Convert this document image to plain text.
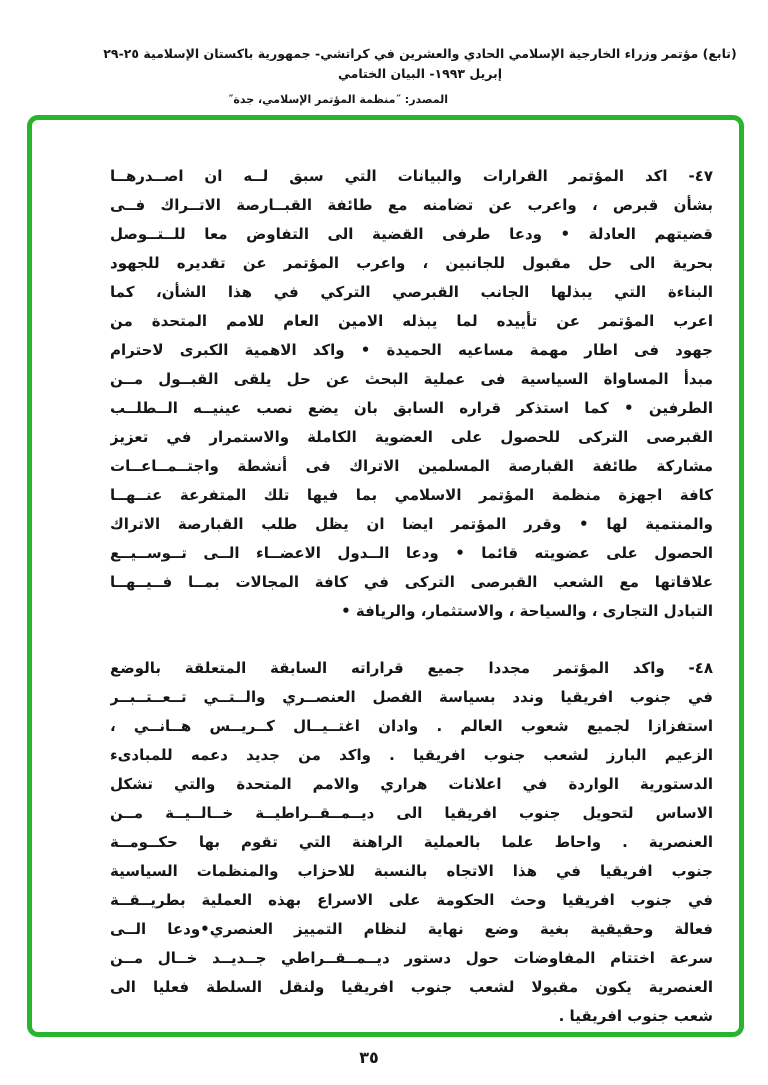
(تابع) مؤتمر وزراء الخارجية الإسلامي الحادي والعشرين في كراتشي- جمهورية باكستان الإسلامية ٢٥-٢٩ إبريل ١٩٩٣- البيان الختامي
المصدر: ˝منظمة المؤتمر الإسلامي، جدة˝
٤٧- اكد المؤتمر القرارات والبيانات التي سبق لــه ان اصــدرهــا
بشأن قبرص ، واعرب عن تضامنه مع طائفة القبــارصة الاتــراك فــى
قضيتهم العادلة • ودعا طرفى القضية الى التفاوض معا للــتــوصل
بحرية الى حل مقبول للجانبين ، واعرب المؤتمر عن تقديره للجهود
البناءة التي يبذلها الجانب القبرصي التركي في هذا الشأن، كما
اعرب المؤتمر عن تأييده لما يبذله الامين العام للامم المتحدة من
جهود فى اطار مهمة مساعيه الحميدة • واكد الاهمية الكبرى لاحترام
مبدأ المساواة السياسية فى عملية البحث عن حل يلقى القبــول مــن
الطرفين • كما استذكر قراره السابق بان يضع نصب عينيــه الــطلــب
القبرصى التركى للحصول على العضوية الكاملة والاستمرار في تعزيز
مشاركة طائفة القبارصة المسلمين الاتراك فى أنشطة واجتــمــاعــات
كافة اجهزة منظمة المؤتمر الاسلامي بما فيها تلك المتفرعة عنــهــا
والمنتمية لها • وقرر المؤتمر ايضا ان يظل طلب القبارصة الاتراك
الحصول على عضويته قائما • ودعا الــدول الاعضــاء الــى تــوســيــع
علاقاتها مع الشعب القبرصى التركى في كافة المجالات بمــا فــيــهــا
التبادل التجارى ، والسياحة ، والاستثمار، والريافة •
٤٨- واكد المؤتمر مجددا جميع قراراته السابقة المتعلقة بالوضع
في جنوب افريقيا وندد بسياسة الفصل العنصــري والــتــي تــعــتــبــر
استفزازا لجميع شعوب العالم . وادان اغتــيــال كــريــس هــانــي ،
الزعيم البارز لشعب جنوب افريقيا . واكد من جديد دعمه للمبادىء
الدستورية الواردة في اعلانات هراري والامم المتحدة والتي تشكل
الاساس لتحويل جنوب افريقيا الى ديــمــقــراطيــة خــالــيــة مــن
العنصرية . واحاط علما بالعملية الراهنة التي تقوم بها حكــومــة
جنوب افريقيا في هذا الاتجاه بالنسبة للاحزاب والمنظمات السياسية
في جنوب افريقيا وحث الحكومة على الاسراع بهذه العملية بطريــقــة
فعالة وحقيقية بغية وضع نهاية لنظام التمييز العنصري•ودعا الــى
سرعة اختتام المفاوضات حول دستور ديــمــقــراطي جــديــد خــال مــن
العنصرية يكون مقبولا لشعب جنوب افريقيا ولنقل السلطة فعليا الى
شعب جنوب افريقيا .
٣٥
